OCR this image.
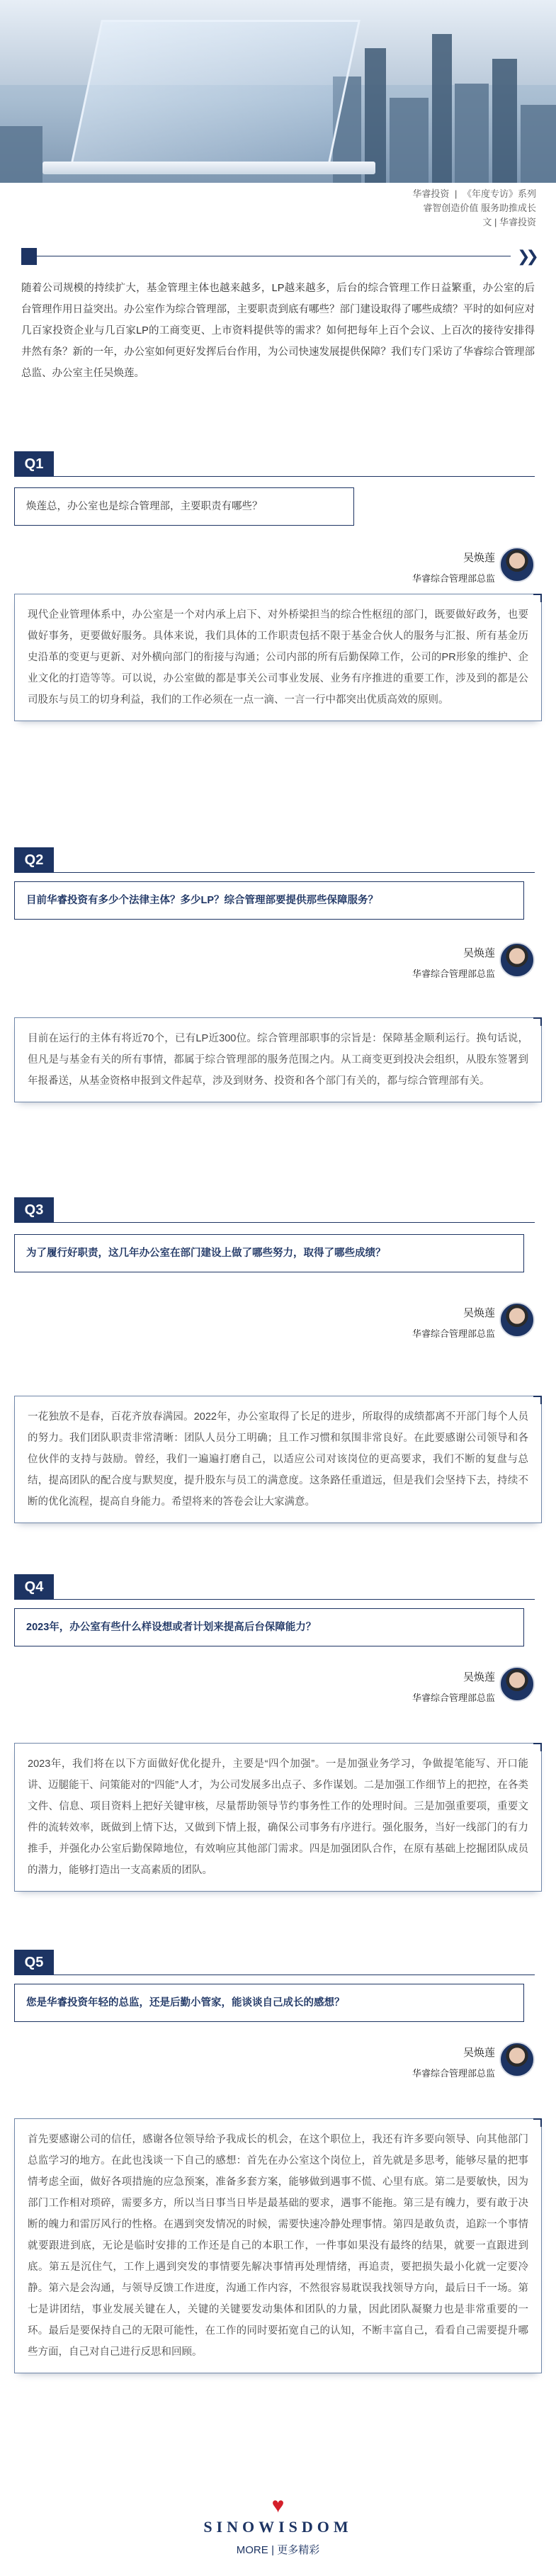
华睿投资 | 《年度专访》系列
睿智创造价值 服务助推成长
文 | 华睿投资
❯❯
随着公司规模的持续扩大，基金管理主体也越来越多，LP越来越多，后台的综合管理工作日益繁重，办公室的后台管理作用日益突出。办公室作为综合管理部，主要职责到底有哪些？部门建设取得了哪些成绩？平时的如何应对几百家投资企业与几百家LP的工商变更、上市资料提供等的需求？如何把每年上百个会议、上百次的接待安排得井然有条？新的一年，办公室如何更好发挥后台作用，为公司快速发展提供保障？我们专门采访了华睿综合管理部总监、办公室主任吴焕莲。
Q1
焕莲总，办公室也是综合管理部，主要职责有哪些？
吴焕莲
华睿综合管理部总监
现代企业管理体系中，办公室是一个对内承上启下、对外桥梁担当的综合性枢纽的部门，既要做好政务，也要做好事务，更要做好服务。具体来说，我们具体的工作职责包括不限于基金合伙人的服务与汇报、所有基金历史沿革的变更与更新、对外横向部门的衔接与沟通；公司内部的所有后勤保障工作，公司的PR形象的维护、企业文化的打造等等。可以说，办公室做的都是事关公司事业发展、业务有序推进的重要工作，涉及到的都是公司股东与员工的切身利益，我们的工作必须在一点一滴、一言一行中都突出优质高效的原则。
Q2
目前华睿投资有多少个法律主体？多少LP？综合管理部要提供那些保障服务？
吴焕莲
华睿综合管理部总监
目前在运行的主体有将近70个，已有LP近300位。综合管理部职事的宗旨是：保障基金顺利运行。换句话说，但凡是与基金有关的所有事情，都属于综合管理部的服务范围之内。从工商变更到投决会组织，从股东签署到年报番送，从基金资格申报到文件起草，涉及到财务、投资和各个部门有关的，都与综合管理部有关。
Q3
为了履行好职责，这几年办公室在部门建设上做了哪些努力，取得了哪些成绩？
吴焕莲
华睿综合管理部总监
一花独放不是春，百花齐放春满园。2022年，办公室取得了长足的进步，所取得的成绩都离不开部门每个人员的努力。我们团队职责非常清晰：团队人员分工明确；且工作习惯和氛围非常良好。在此要感谢公司领导和各位伙伴的支持与鼓励。曾经，我们一遍遍打磨自己，以适应公司对该岗位的更高要求，我们不断的复盘与总结，提高团队的配合度与默契度，提升股东与员工的满意度。这条路任重道远，但是我们会坚持下去，持续不断的优化流程，提高自身能力。希望将来的答卷会让大家满意。
Q4
2023年，办公室有些什么样设想或者计划来提高后台保障能力？
吴焕莲
华睿综合管理部总监
2023年，我们将在以下方面做好优化提升，主要是“四个加强”。一是加强业务学习，争做提笔能写、开口能讲、迈腿能干、问策能对的“四能”人才，为公司发展多出点子、多作谋划。二是加强工作细节上的把控，在各类文件、信息、项目资料上把好关键审核，尽量帮助领导节约事务性工作的处理时间。三是加强重要项，重要文件的流转效率，既做到上情下达，又做到下情上报，确保公司事务有序进行。强化服务，当好一线部门的有力推手，并强化办公室后勤保障地位，有效响应其他部门需求。四是加强团队合作，在原有基础上挖掘团队成员的潜力，能够打造出一支高素质的团队。
Q5
您是华睿投资年轻的总监，还是后勤小管家，能谈谈自己成长的感想？
吴焕莲
华睿综合管理部总监
首先要感谢公司的信任，感谢各位领导给予我成长的机会，在这个职位上，我还有许多要向领导、向其他部门总监学习的地方。在此也浅谈一下自己的感想：首先在办公室这个岗位上，首先就是多思考，能够尽量的把事情考虑全面，做好各项措施的应急预案，准备多套方案，能够做到遇事不慌、心里有底。第二是要敏快，因为部门工作相对琐碎，需要多方，所以当日事当日毕是最基础的要求，遇事不能拖。第三是有魄力，要有敢于决断的魄力和雷厉风行的性格。在遇到突发情况的时候，需要快速冷静处理事情。第四是敢负责，追踪一个事情就要跟进到底，无论是临时安排的工作还是自己的本职工作，一件事如果没有最终的结果，就要一直跟进到底。第五是沉住气，工作上遇到突发的事情要先解决事情再处理情绪，再追责，要把损失最小化就一定要冷静。第六是会沟通，与领导反馈工作进度，沟通工作内容，不然很容易耽误我找领导方向，最后日千一场。第七是讲团结，事业发展关键在人，关键的关键要发动集体和团队的力量，因此团队凝聚力也是非常重要的一环。最后是要保持自己的无限可能性，在工作的同时要拓宽自己的认知，不断丰富自己，看看自己需要提升哪些方面，自己对自己进行反思和回顾。
♥
SINOWISDOM
MORE | 更多精彩
